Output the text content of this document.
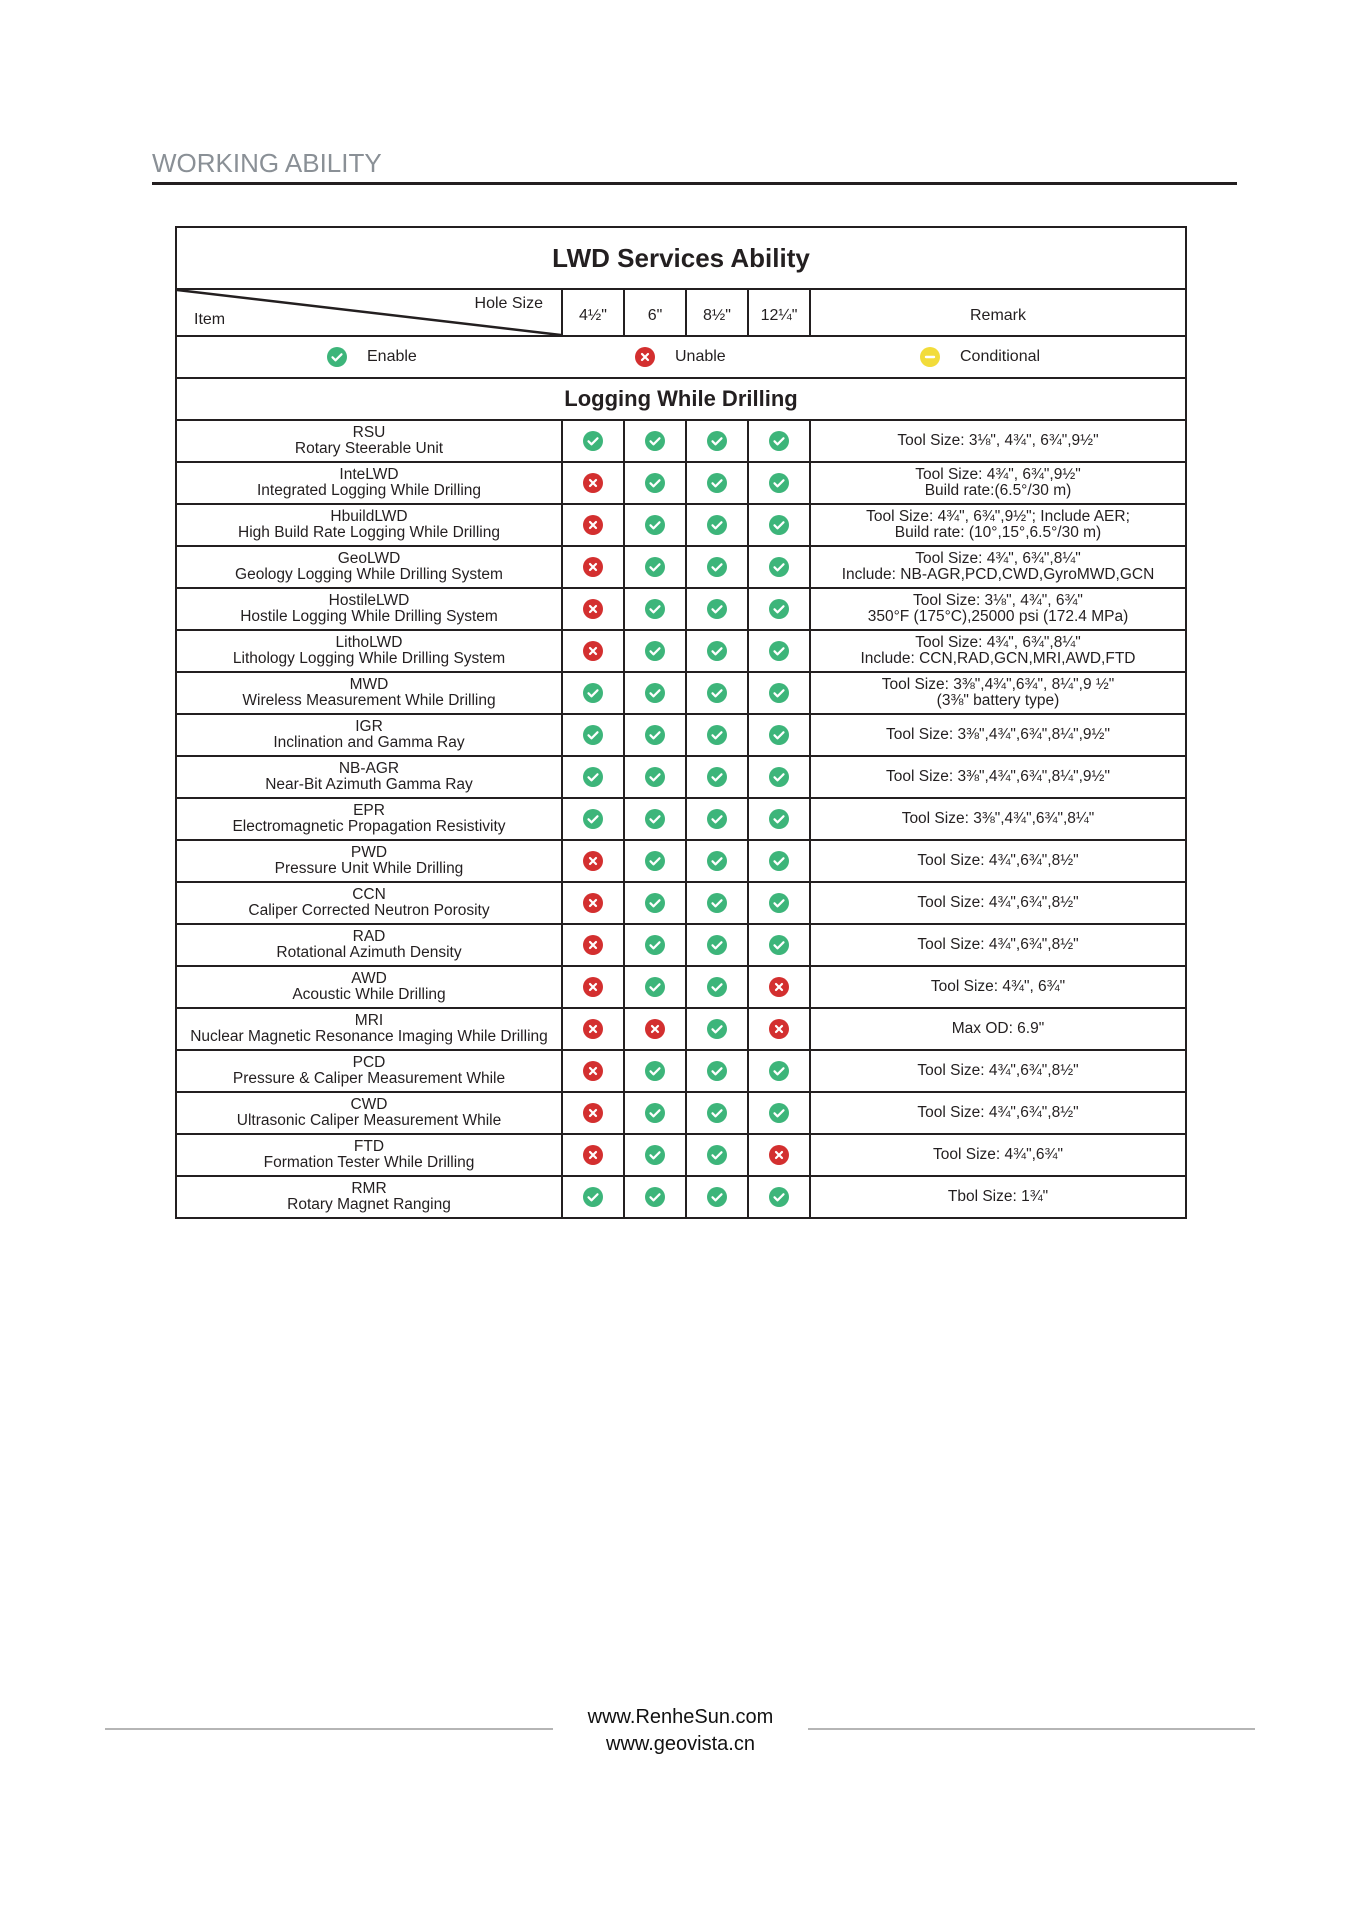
WORKING ABILITY
LWD Services Ability					

Item
Hole Size	4½"	6"	8½"	12¼"	Remark

Enable Unable Conditional					

Logging While Drilling					

RSU
Rotary Steerable Unit					Tool Size: 3⅛", 4¾", 6¾",9½"

InteLWD
Integrated Logging While Drilling					Tool Size: 4¾", 6¾",9½"
Build rate:(6.5°/30 m)

HbuildLWD
High Build Rate Logging While Drilling					Tool Size: 4¾", 6¾",9½"; Include AER;
Build rate: (10°,15°,6.5°/30 m)

GeoLWD
Geology Logging While Drilling System					Tool Size: 4¾", 6¾",8¼"
Include: NB-AGR,PCD,CWD,GyroMWD,GCN

HostileLWD
Hostile Logging While Drilling System					Tool Size: 3⅛", 4¾", 6¾"
350°F (175°C),25000 psi (172.4 MPa)

LithoLWD
Lithology Logging While Drilling System					Tool Size: 4¾", 6¾",8¼"
Include: CCN,RAD,GCN,MRI,AWD,FTD

MWD
Wireless Measurement While Drilling					Tool Size: 3⅜",4¾",6¾", 8¼",9 ½"
(3⅜" battery type)

IGR
Inclination and Gamma Ray					Tool Size: 3⅜",4¾",6¾",8¼",9½"

NB-AGR
Near-Bit Azimuth Gamma Ray					Tool Size: 3⅜",4¾",6¾",8¼",9½"

EPR
Electromagnetic Propagation Resistivity					Tool Size: 3⅜",4¾",6¾",8¼"

PWD
Pressure Unit While Drilling					Tool Size: 4¾",6¾",8½"

CCN
Caliper Corrected Neutron Porosity					Tool Size: 4¾",6¾",8½"

RAD
Rotational Azimuth Density					Tool Size: 4¾",6¾",8½"

AWD
Acoustic While Drilling					Tool Size: 4¾", 6¾"

MRI
Nuclear Magnetic Resonance Imaging While Drilling					Max OD: 6.9"

PCD
Pressure & Caliper Measurement While					Tool Size: 4¾",6¾",8½"

CWD
Ultrasonic Caliper Measurement While					Tool Size: 4¾",6¾",8½"

FTD
Formation Tester While Drilling					Tool Size: 4¾",6¾"

RMR
Rotary Magnet Ranging					Tbol Size: 1¾"
www.RenheSun.com
www.geovista.cn
